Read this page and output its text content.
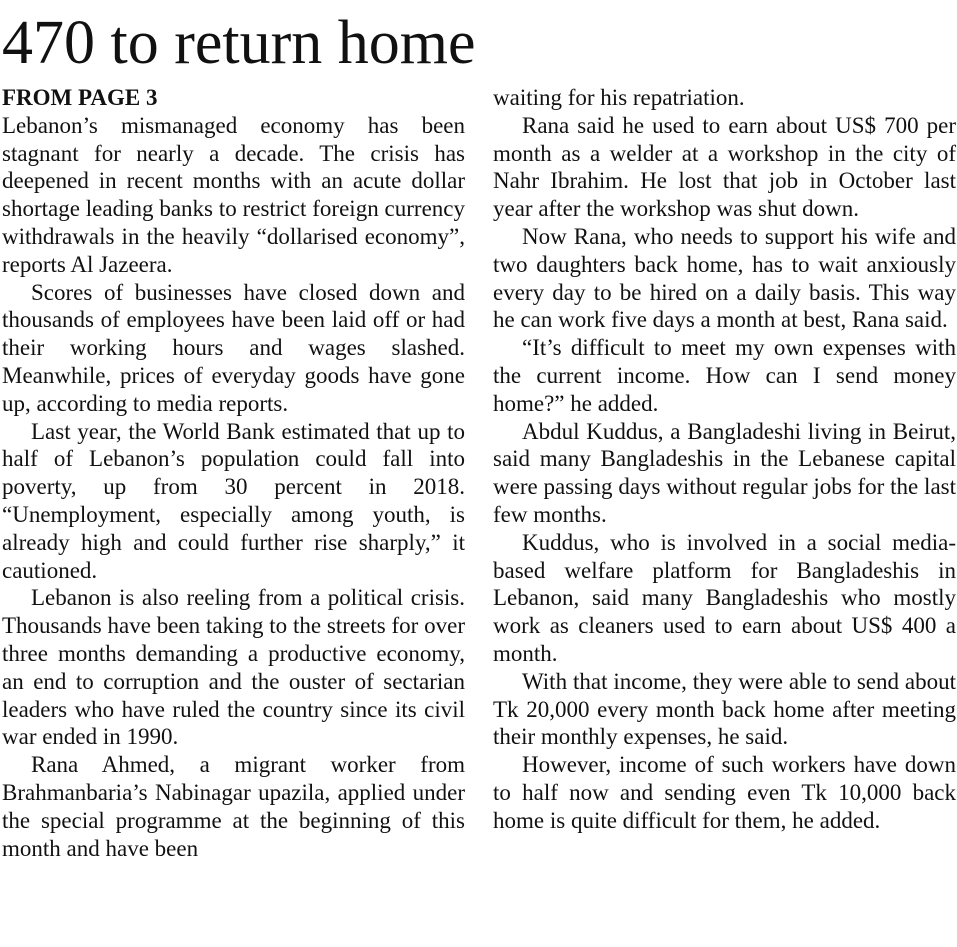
470 to return home

FROM PAGE 3

Lebanon’s mismanaged economy has been stagnant for nearly a decade. The crisis has deepened in recent months with an acute dollar shortage leading banks to restrict foreign currency withdrawals in the heavily “dollarised economy”, reports Al Jazeera.

Scores of businesses have closed down and thousands of employees have been laid off or had their working hours and wages slashed. Meanwhile, prices of everyday goods have gone up, according to media reports.

Last year, the World Bank estimated that up to half of Lebanon’s population could fall into poverty, up from 30 percent in 2018. “Unemployment, especially among youth, is already high and could further rise sharply,” it cautioned.

Lebanon is also reeling from a political crisis. Thousands have been taking to the streets for over three months demanding a productive economy, an end to corruption and the ouster of sectarian leaders who have ruled the country since its civil war ended in 1990.

Rana Ahmed, a migrant worker from Brahmanbaria’s Nabinagar upazila, applied under the special programme at the beginning of this month and have been

waiting for his repatriation.

Rana said he used to earn about US$ 700 per month as a welder at a workshop in the city of Nahr Ibrahim. He lost that job in October last year after the workshop was shut down.

Now Rana, who needs to support his wife and two daughters back home, has to wait anxiously every day to be hired on a daily basis. This way he can work five days a month at best, Rana said.

“It’s difficult to meet my own expenses with the current income. How can I send money home?” he added.

Abdul Kuddus, a Bangladeshi living in Beirut, said many Bangladeshis in the Lebanese capital were passing days without regular jobs for the last few months.

Kuddus, who is involved in a social media-based welfare platform for Bangladeshis in Lebanon, said many Bangladeshis who mostly work as cleaners used to earn about US$ 400 a month.

With that income, they were able to send about Tk 20,000 every month back home after meeting their monthly expenses, he said.

However, income of such workers have down to half now and sending even Tk 10,000 back home is quite difficult for them, he added.
